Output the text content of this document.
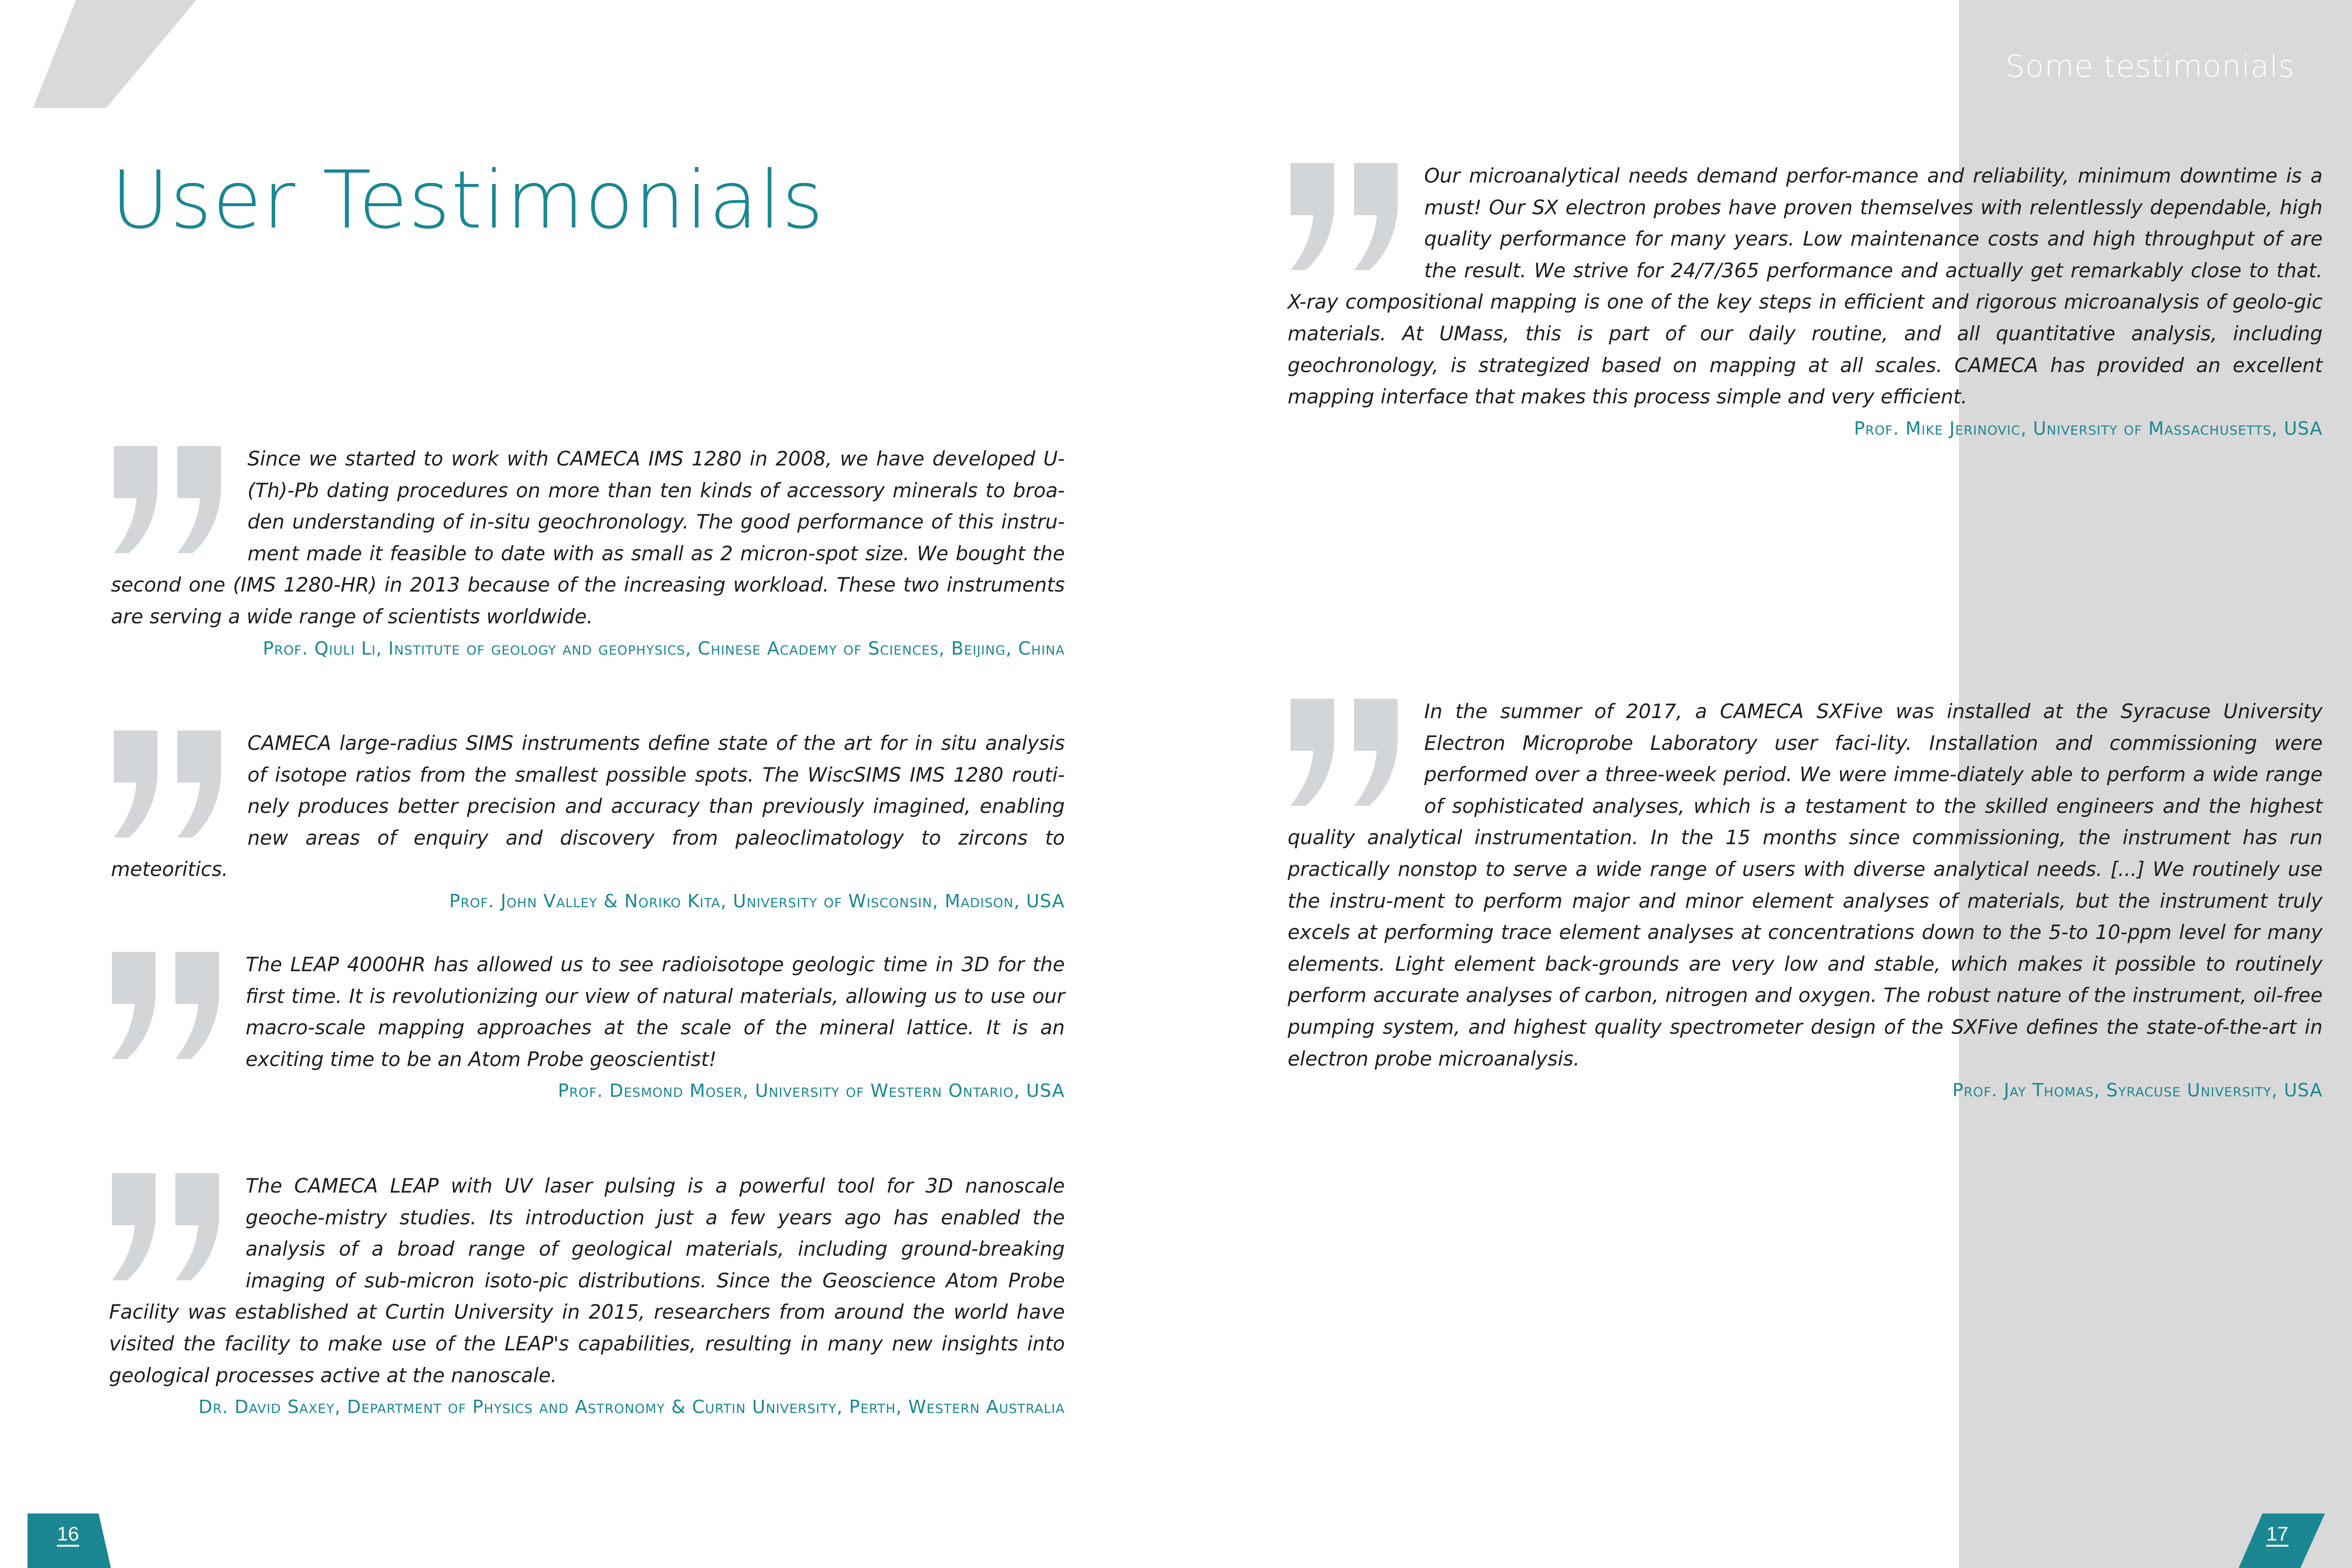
Some testimonials
User Testimonials

Since we started to work with CAMECA IMS 1280 in 2008, we have developed U-(Th)-Pb dating procedures on more than ten kinds of accessory minerals to broa-den understanding of in-situ geochronology. The good performance of this instru-ment made it feasible to date with as small as 2 micron-spot size. We bought the second one (IMS 1280-HR) in 2013 because of the increasing workload. These two instruments are serving a wide range of scientists worldwide.

Prof. Qiuli Li, Institute of geology and geophysics, Chinese Academy of Sciences, Beijing, China

CAMECA large-radius SIMS instruments define state of the art for in situ analysis of isotope ratios from the smallest possible spots. The WiscSIMS IMS 1280 routi-nely produces better precision and accuracy than previously imagined, enabling new areas of enquiry and discovery from paleoclimatology to zircons to meteoritics.

Prof. John Valley & Noriko Kita, University of Wisconsin, Madison, USA

The LEAP 4000HR has allowed us to see radioisotope geologic time in 3D for the first time. It is revolutionizing our view of natural materials, allowing us to use our macro-scale mapping approaches at the scale of the mineral lattice. It is an exciting time to be an Atom Probe geoscientist!

Prof. Desmond Moser, University of Western Ontario, USA

The CAMECA LEAP with UV laser pulsing is a powerful tool for 3D nanoscale geoche-mistry studies. Its introduction just a few years ago has enabled the analysis of a broad range of geological materials, including ground-breaking imaging of sub-micron isoto-pic distributions. Since the Geoscience Atom Probe Facility was established at Curtin University in 2015, researchers from around the world have visited the facility to make use of the LEAP's capabilities, resulting in many new insights into geological processes active at the nanoscale.

Dr. David Saxey, Department of Physics and Astronomy & Curtin University, Perth, Western Australia

Our microanalytical needs demand perfor-mance and reliability, minimum downtime is a must! Our SX electron probes have proven themselves with relentlessly dependable, high quality performance for many years. Low maintenance costs and high throughput of are the result. We strive for 24/7/365 performance and actually get remarkably close to that. X-ray compositional mapping is one of the key steps in efficient and rigorous microanalysis of geolo-gic materials. At UMass, this is part of our daily routine, and all quantitative analysis, including geochronology, is strategized based on mapping at all scales. CAMECA has provided an excellent mapping interface that makes this process simple and very efficient.

Prof. Mike Jerinovic, University of Massachusetts, USA

In the summer of 2017, a CAMECA SXFive was installed at the Syracuse University Electron Microprobe Laboratory user faci-lity. Installation and commissioning were performed over a three-week period. We were imme-diately able to perform a wide range of sophisticated analyses, which is a testament to the skilled engineers and the highest quality analytical instrumentation. In the 15 months since commissioning, the instrument has run practically nonstop to serve a wide range of users with diverse analytical needs. [...] We routinely use the instru-ment to perform major and minor element analyses of materials, but the instrument truly excels at performing trace element analyses at concentrations down to the 5-to 10-ppm level for many elements. Light element back-grounds are very low and stable, which makes it possible to routinely perform accurate analyses of carbon, nitrogen and oxygen. The robust nature of the instrument, oil-free pumping system, and highest quality spectrometer design of the SXFive defines the state-of-the-art in electron probe microanalysis.

Prof. Jay Thomas, Syracuse University, USA
16	17
